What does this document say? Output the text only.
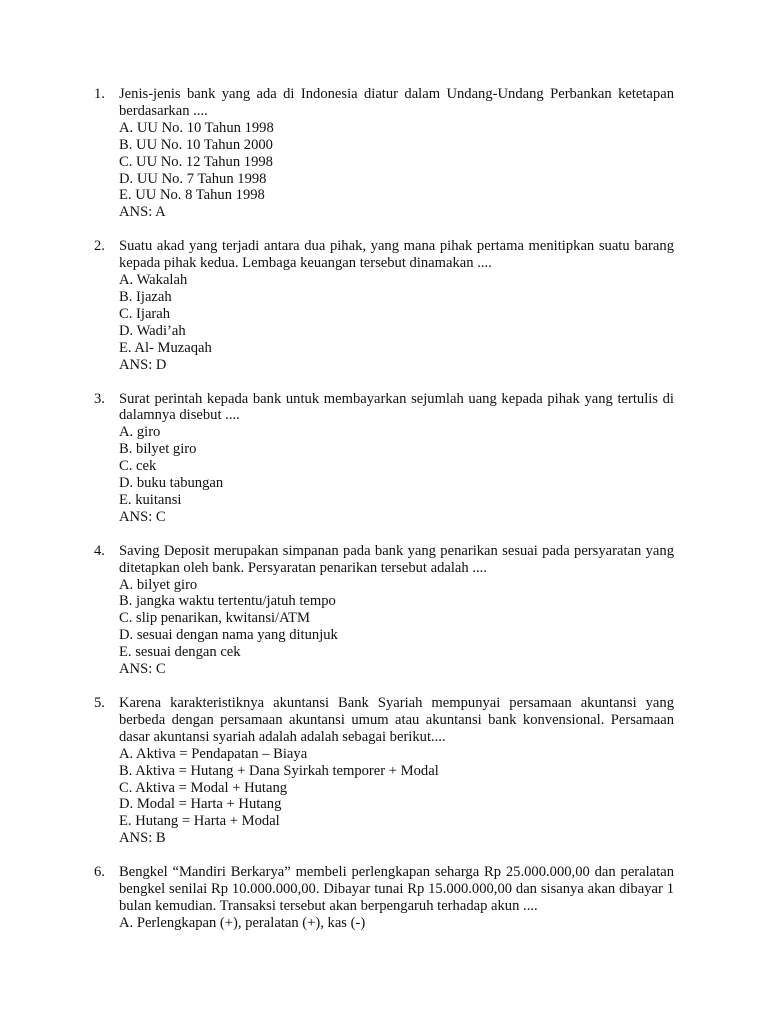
1. Jenis-jenis bank yang ada di Indonesia diatur dalam Undang-Undang Perbankan ketetapan berdasarkan ....

A. UU No. 10 Tahun 1998
B. UU No. 10 Tahun 2000
C. UU No. 12 Tahun 1998
D. UU No. 7 Tahun 1998
E. UU No. 8 Tahun 1998

ANS: A

2. Suatu akad yang terjadi antara dua pihak, yang mana pihak pertama menitipkan suatu barang kepada pihak kedua. Lembaga keuangan tersebut dinamakan ....

A. Wakalah
B. Ijazah
C. Ijarah
D. Wadi’ah
E. Al- Muzaqah

ANS: D

3. Surat perintah kepada bank untuk membayarkan sejumlah uang kepada pihak yang tertulis di dalamnya disebut ....

A. giro
B. bilyet giro
C. cek
D. buku tabungan
E. kuitansi

ANS: C

4. Saving Deposit merupakan simpanan pada bank yang penarikan sesuai pada persyaratan yang ditetapkan oleh bank. Persyaratan penarikan tersebut adalah ....

A. bilyet giro
B. jangka waktu tertentu/jatuh tempo
C. slip penarikan, kwitansi/ATM
D. sesuai dengan nama yang ditunjuk
E. sesuai dengan cek

ANS: C

5. Karena karakteristiknya akuntansi Bank Syariah mempunyai persamaan akuntansi yang berbeda dengan persamaan akuntansi umum atau akuntansi bank konvensional. Persamaan dasar akuntansi syariah adalah adalah sebagai berikut....

A. Aktiva = Pendapatan – Biaya
B. Aktiva = Hutang + Dana Syirkah temporer + Modal
C. Aktiva = Modal + Hutang
D. Modal = Harta + Hutang
E. Hutang = Harta + Modal

ANS: B

6. Bengkel “Mandiri Berkarya” membeli perlengkapan seharga Rp 25.000.000,00 dan peralatan bengkel senilai Rp 10.000.000,00. Dibayar tunai Rp 15.000.000,00 dan sisanya akan dibayar 1 bulan kemudian. Transaksi tersebut akan berpengaruh terhadap akun ....

A. Perlengkapan (+), peralatan (+), kas (-)
